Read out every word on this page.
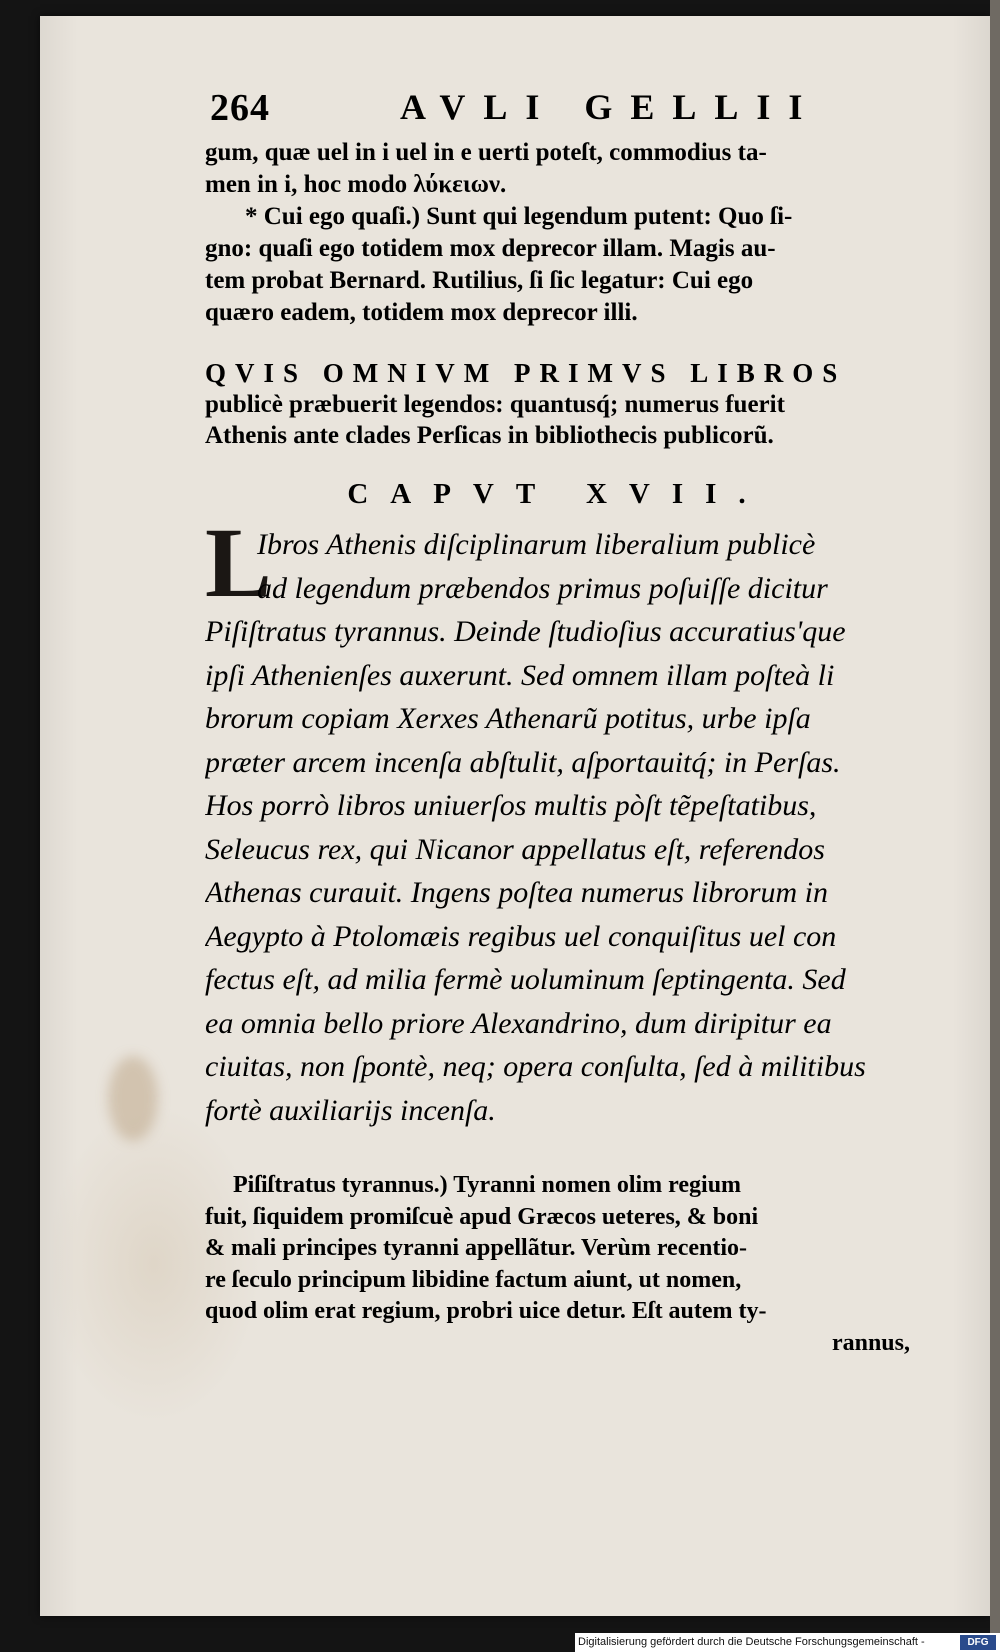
264	AVLI GELLII
gum, quæ uel in i uel in e uerti poteſt, commodius ta-
men in i, hoc modo λύκειων.
* Cui ego quaſi.) Sunt qui legendum putent: Quo ſi-
gno: quaſi ego totidem mox deprecor illam. Magis au-
tem probat Bernard. Rutilius, ſi ſic legatur: Cui ego
quæro eadem, totidem mox deprecor illi.
QVIS OMNIVM PRIMVS LIBROS
publicè præbuerit legendos: quantusq́; numerus fuerit
Athenis ante clades Perſicas in bibliothecis publicorũ.
CAPVT XVII.
L
Ibros Athenis diſciplinarum liberalium publicè
ad legendum præbendos primus poſuiſſe dicitur
Piſiſtratus tyrannus. Deinde ſtudioſius accuratius'que
ipſi Athenienſes auxerunt. Sed omnem illam poſteà li
brorum copiam Xerxes Athenarũ potitus, urbe ipſa
præter arcem incenſa abſtulit, aſportauitq́; in Perſas.
Hos porrò libros uniuerſos multis pòſt tẽpeſtatibus,
Seleucus rex, qui Nicanor appellatus eſt, referendos
Athenas curauit. Ingens poſtea numerus librorum in
Aegypto à Ptolomæis regibus uel conquiſitus uel con
fectus eſt, ad milia fermè uoluminum ſeptingenta. Sed
ea omnia bello priore Alexandrino, dum diripitur ea
ciuitas, non ſpontè, neq; opera conſulta, ſed à militibus
fortè auxiliarijs incenſa.
Piſiſtratus tyrannus.) Tyranni nomen olim regium
fuit, ſiquidem promiſcuè apud Græcos ueteres, & boni
& mali principes tyranni appellãtur. Verùm recentio-
re ſeculo principum libidine factum aiunt, ut nomen,
quod olim erat regium, probri uice detur. Eſt autem ty-
rannus,
Digitalisierung gefördert durch die Deutsche Forschungsgemeinschaft -	DFG
